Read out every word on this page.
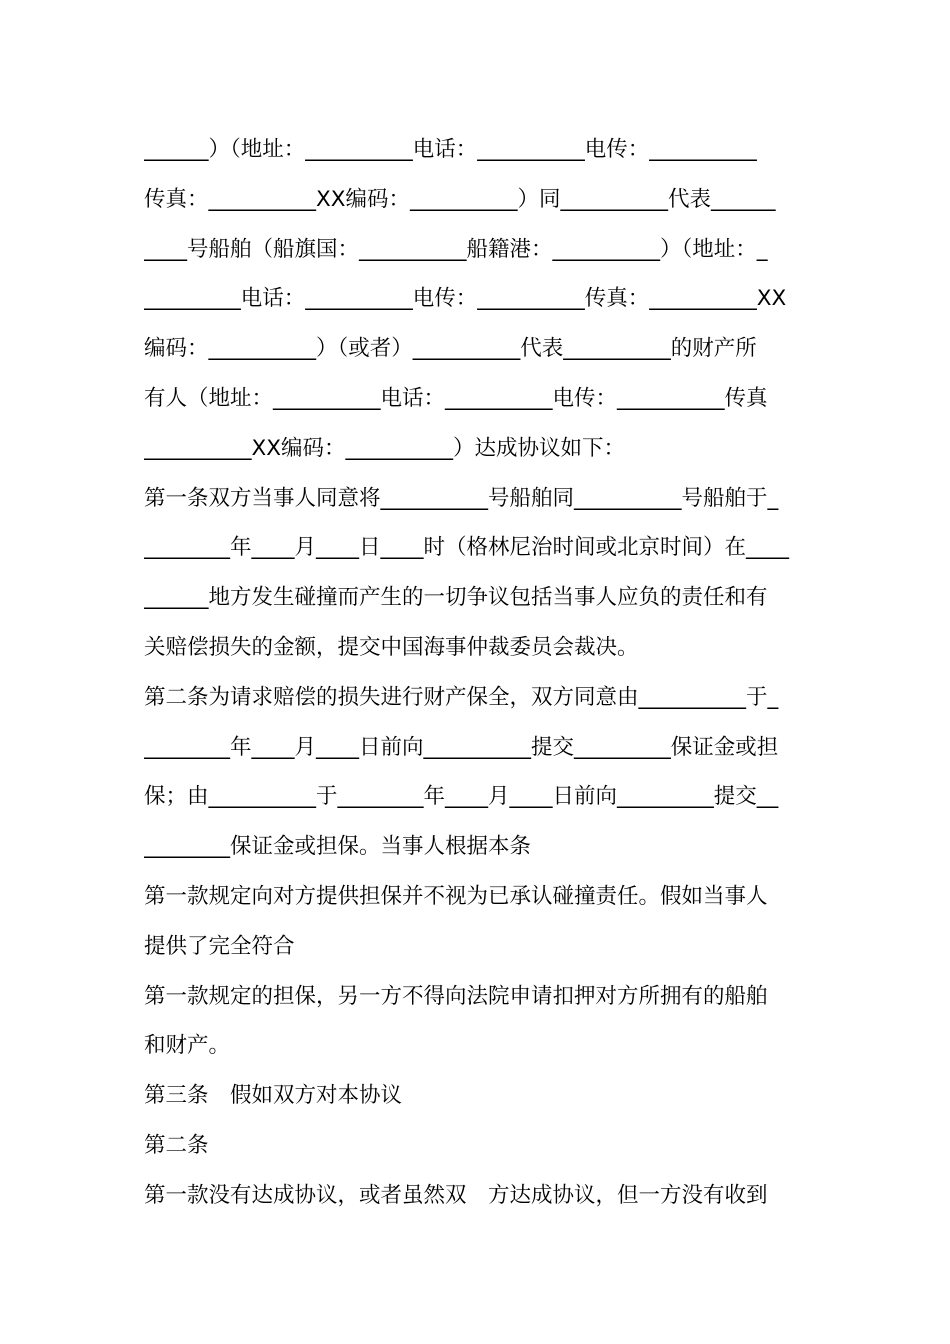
______）（地址：__________电话：__________电传：__________
传真：__________XX编码：__________）同__________代表______
____号船舶（船旗国：__________船籍港：__________）（地址：_
_________电话：__________电传：__________传真：__________XX
编码：__________）（或者）__________代表__________的财产所
有人（地址：__________电话：__________电传：__________传真
__________XX编码：__________）达成协议如下：
第一条双方当事人同意将__________号船舶同__________号船舶于_
________年____月____日____时（格林尼治时间或北京时间）在____
______地方发生碰撞而产生的一切争议包括当事人应负的责任和有
关赔偿损失的金额，提交中国海事仲裁委员会裁决。
第二条为请求赔偿的损失进行财产保全，双方同意由__________于_
________年____月____日前向__________提交_________保证金或担
保；由__________于________年____月____日前向_________提交__
________保证金或担保。当事人根据本条
第一款规定向对方提供担保并不视为已承认碰撞责任。假如当事人
提供了完全符合
第一款规定的担保，另一方不得向法院申请扣押对方所拥有的船舶
和财产。
第三条　假如双方对本协议
第二条
第一款没有达成协议，或者虽然双　方达成协议，但一方没有收到
